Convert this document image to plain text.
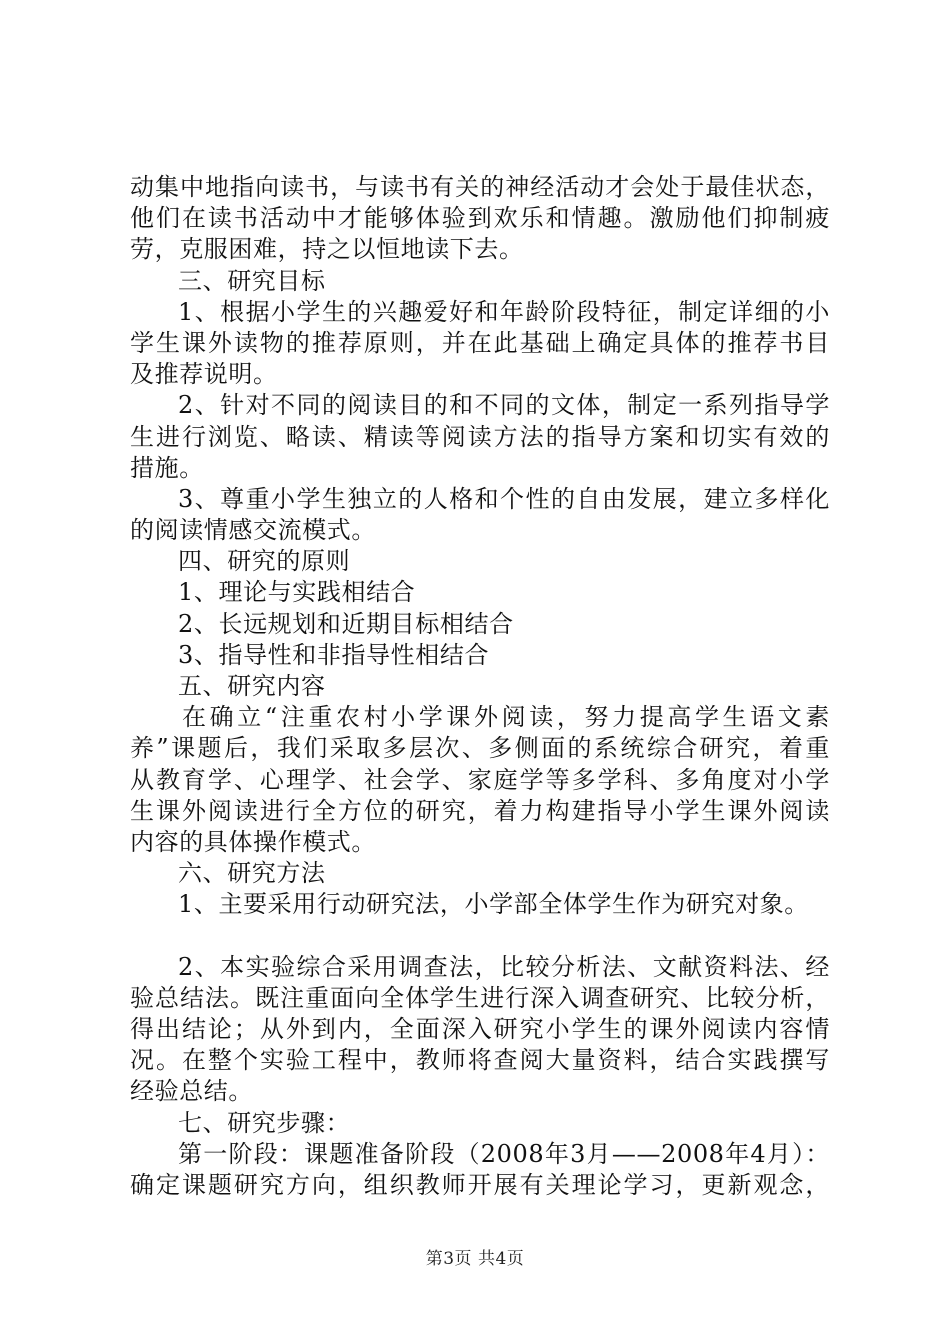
动集中地指向读书，与读书有关的神经活动才会处于最佳状态，
他们在读书活动中才能够体验到欢乐和情趣。激励他们抑制疲
劳，克服困难，持之以恒地读下去。
三、研究目标
1、根据小学生的兴趣爱好和年龄阶段特征，制定详细的小
学生课外读物的推荐原则，并在此基础上确定具体的推荐书目
及推荐说明。
2、针对不同的阅读目的和不同的文体，制定一系列指导学
生进行浏览、略读、精读等阅读方法的指导方案和切实有效的
措施。
3、尊重小学生独立的人格和个性的自由发展，建立多样化
的阅读情感交流模式。
四、研究的原则
1、理论与实践相结合
2、长远规划和近期目标相结合
3、指导性和非指导性相结合
五、研究内容
在确立“注重农村小学课外阅读，努力提高学生语文素
养”课题后，我们采取多层次、多侧面的系统综合研究，着重
从教育学、心理学、社会学、家庭学等多学科、多角度对小学
生课外阅读进行全方位的研究，着力构建指导小学生课外阅读
内容的具体操作模式。
六、研究方法
1、主要采用行动研究法，小学部全体学生作为研究对象。
2、本实验综合采用调查法，比较分析法、文献资料法、经
验总结法。既注重面向全体学生进行深入调查研究、比较分析，
得出结论；从外到内，全面深入研究小学生的课外阅读内容情
况。在整个实验工程中，教师将查阅大量资料，结合实践撰写
经验总结。
七、研究步骤：
第一阶段：课题准备阶段（2008年3月——2008年4月）：
确定课题研究方向，组织教师开展有关理论学习，更新观念，
第3页 共4页
